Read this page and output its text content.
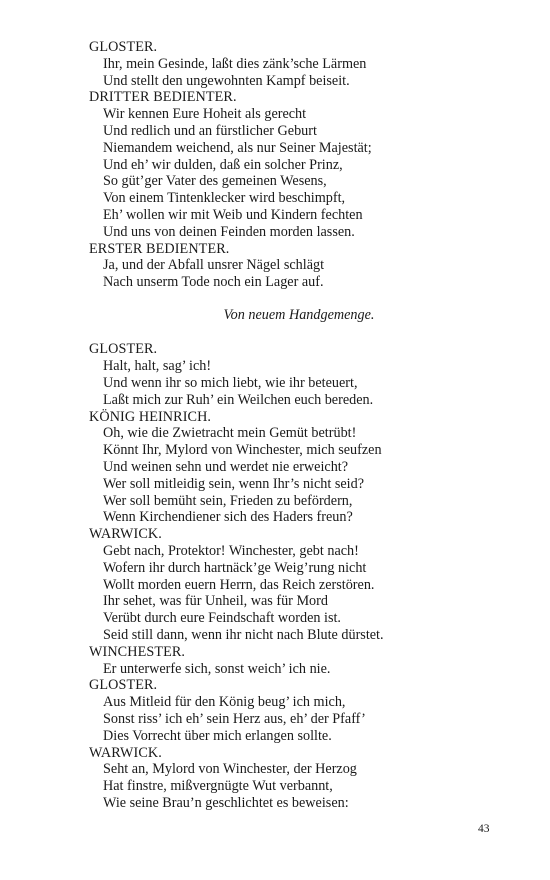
GLOSTER.
Ihr, mein Gesinde, laßt dies zänk’sche Lärmen
Und stellt den ungewohnten Kampf beiseit.
DRITTER BEDIENTER.
Wir kennen Eure Hoheit als gerecht
Und redlich und an fürstlicher Geburt
Niemandem weichend, als nur Seiner Majestät;
Und eh’ wir dulden, daß ein solcher Prinz,
So güt’ger Vater des gemeinen Wesens,
Von einem Tintenklecker wird beschimpft,
Eh’ wollen wir mit Weib und Kindern fechten
Und uns von deinen Feinden morden lassen.
ERSTER BEDIENTER.
Ja, und der Abfall unsrer Nägel schlägt
Nach unserm Tode noch ein Lager auf.
Von neuem Handgemenge.
GLOSTER.
Halt, halt, sag’ ich!
Und wenn ihr so mich liebt, wie ihr beteuert,
Laßt mich zur Ruh’ ein Weilchen euch bereden.
KÖNIG HEINRICH.
Oh, wie die Zwietracht mein Gemüt betrübt!
Könnt Ihr, Mylord von Winchester, mich seufzen
Und weinen sehn und werdet nie erweicht?
Wer soll mitleidig sein, wenn Ihr’s nicht seid?
Wer soll bemüht sein, Frieden zu befördern,
Wenn Kirchendiener sich des Haders freun?
WARWICK.
Gebt nach, Protektor! Winchester, gebt nach!
Wofern ihr durch hartnäck’ge Weig’rung nicht
Wollt morden euern Herrn, das Reich zerstören.
Ihr sehet, was für Unheil, was für Mord
Verübt durch eure Feindschaft worden ist.
Seid still dann, wenn ihr nicht nach Blute dürstet.
WINCHESTER.
Er unterwerfe sich, sonst weich’ ich nie.
GLOSTER.
Aus Mitleid für den König beug’ ich mich,
Sonst riss’ ich eh’ sein Herz aus, eh’ der Pfaff’
Dies Vorrecht über mich erlangen sollte.
WARWICK.
Seht an, Mylord von Winchester, der Herzog
Hat finstre, mißvergnügte Wut verbannt,
Wie seine Brau’n geschlichtet es beweisen:
43
